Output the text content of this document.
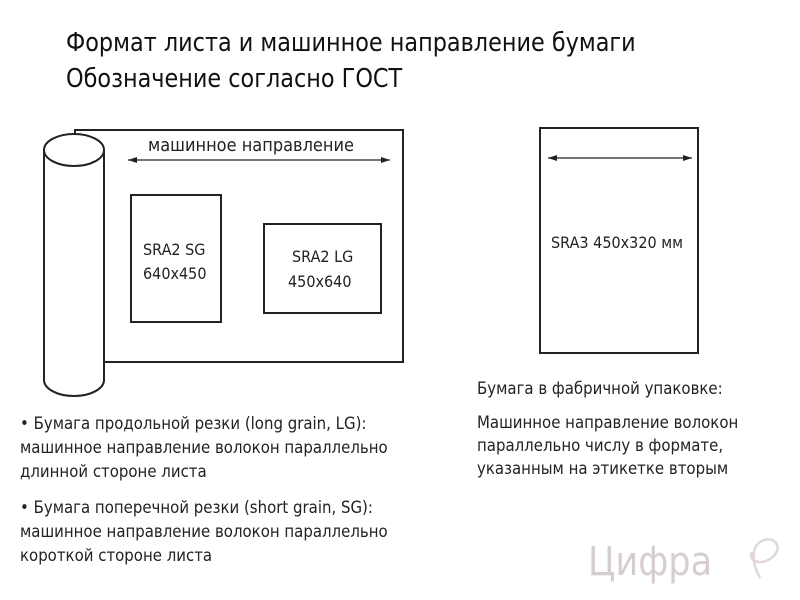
Формат листа и машинное направление бумаги
Обозначение согласно ГОСТ
машинное направление
SRA2 SG
640x450
SRA2 LG
450x640
SRA3 450x320 мм
Бумага в фабричной упаковке:
Машинное направление волокон
параллельно числу в формате,
указанным на этикетке вторым
• Бумага продольной резки (long grain, LG):
машинное направление волокон параллельно
длинной стороне листа
• Бумага поперечной резки (short grain, SG):
машинное направление волокон параллельно
короткой стороне листа	Цифра
